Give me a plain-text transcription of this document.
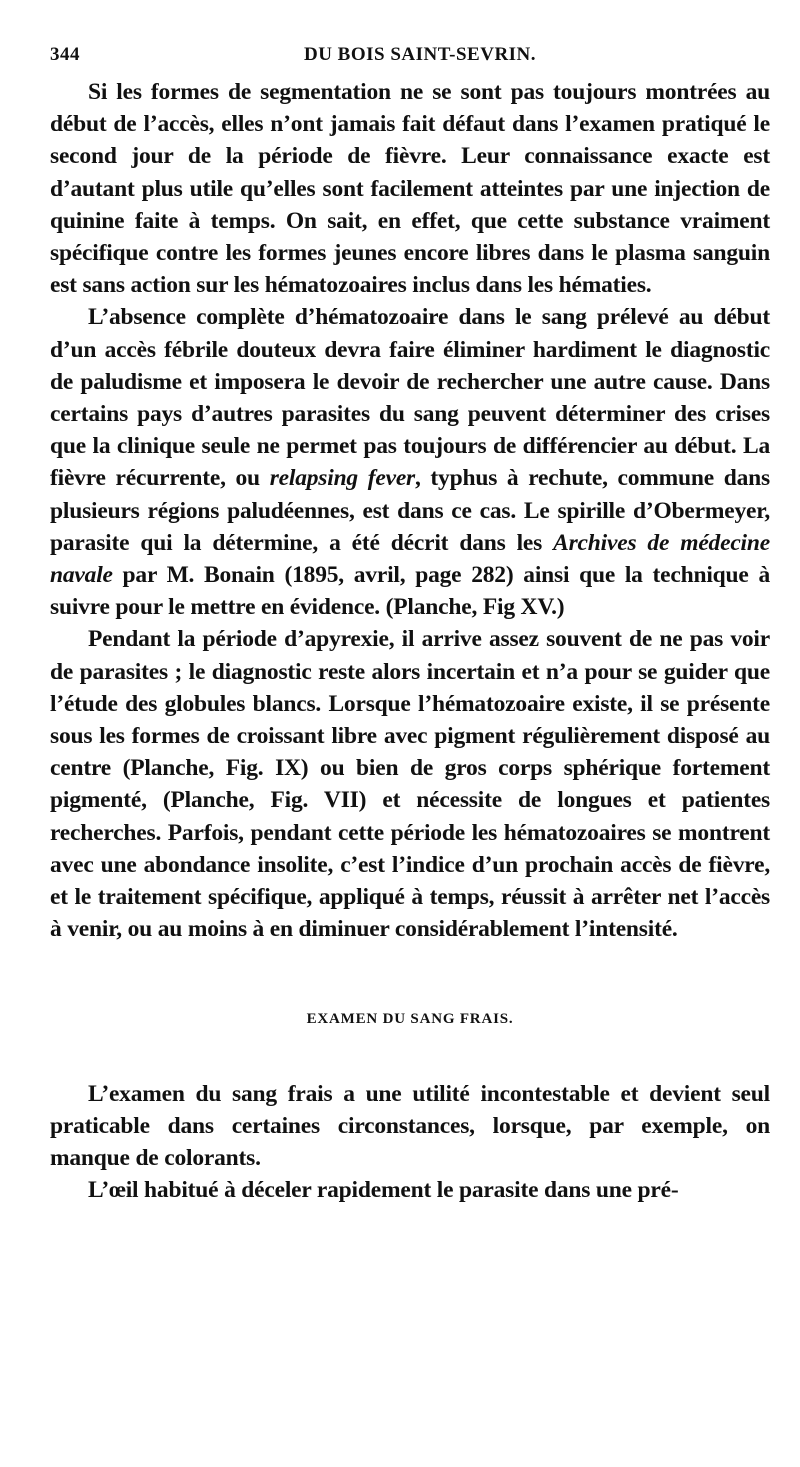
344	DU BOIS SAINT-SEVRIN.

Si les formes de segmentation ne se sont pas toujours montrées au début de l’accès, elles n’ont jamais fait défaut dans l’examen pratiqué le second jour de la période de fièvre. Leur connaissance exacte est d’autant plus utile qu’elles sont facilement atteintes par une injection de quinine faite à temps. On sait, en effet, que cette substance vraiment spécifique contre les formes jeunes encore libres dans le plasma sanguin est sans action sur les hématozoaires inclus dans les hématies.

L’absence complète d’hématozoaire dans le sang prélevé au début d’un accès fébrile douteux devra faire éliminer hardiment le diagnostic de paludisme et imposera le devoir de rechercher une autre cause. Dans certains pays d’autres parasites du sang peuvent déterminer des crises que la clinique seule ne permet pas toujours de différencier au début. La fièvre récurrente, ou relapsing fever, typhus à rechute, commune dans plusieurs régions paludéennes, est dans ce cas. Le spirille d’Obermeyer, parasite qui la détermine, a été décrit dans les Archives de médecine navale par M. Bonain (1895, avril, page 282) ainsi que la technique à suivre pour le mettre en évidence. (Planche, Fig XV.)

Pendant la période d’apyrexie, il arrive assez souvent de ne pas voir de parasites ; le diagnostic reste alors incertain et n’a pour se guider que l’étude des globules blancs. Lorsque l’hématozoaire existe, il se présente sous les formes de croissant libre avec pigment régulièrement disposé au centre (Planche, Fig. IX) ou bien de gros corps sphérique fortement pigmenté, (Planche, Fig. VII) et nécessite de longues et patientes recherches. Parfois, pendant cette période les hématozoaires se montrent avec une abondance insolite, c’est l’indice d’un prochain accès de fièvre, et le traitement spécifique, appliqué à temps, réussit à arrêter net l’accès à venir, ou au moins à en diminuer considérablement l’intensité.

EXAMEN DU SANG FRAIS.

L’examen du sang frais a une utilité incontestable et devient seul praticable dans certaines circonstances, lorsque, par exemple, on manque de colorants.

L’œil habitué à déceler rapidement le parasite dans une pré-
